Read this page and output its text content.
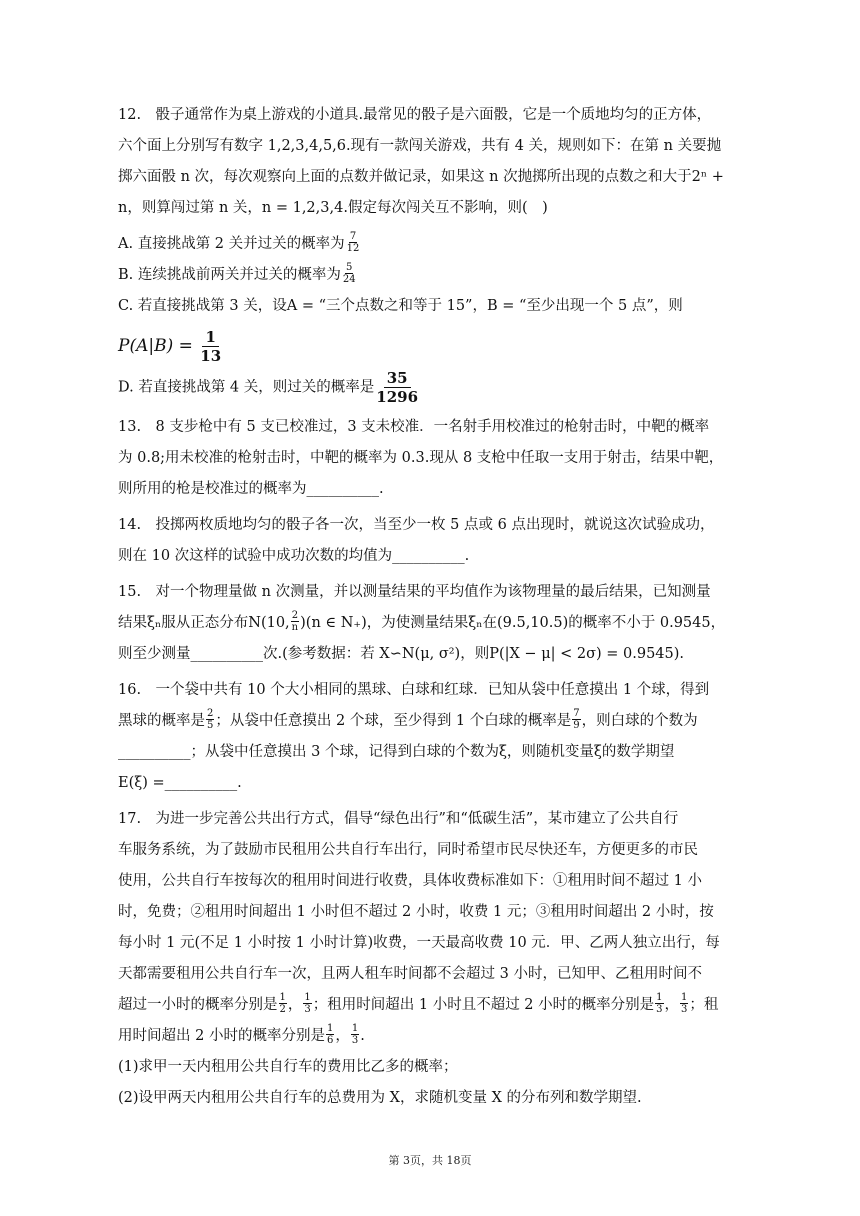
12.　骰子通常作为桌上游戏的小道具.最常见的骰子是六面骰，它是一个质地均匀的正方体，
六个面上分别写有数字 1,2,3,4,5,6.现有一款闯关游戏，共有 4 关，规则如下：在第 n 关要抛
掷六面骰 n 次，每次观察向上面的点数并做记录，如果这 n 次抛掷所出现的点数之和大于2ⁿ +
n，则算闯过第 n 关，n = 1,2,3,4.假定每次闯关互不影响，则(　)
A. 直接挑战第 2 关并过关的概率为 $\frac{7}{12}$
B. 连续挑战前两关并过关的概率为 $\frac{5}{24}$
C. 若直接挑战第 3 关，设A = “三个点数之和等于 15”，B = “至少出现一个 5 点”，则
$P(A|B) = \frac{1}{13}$
D. 若直接挑战第 4 关，则过关的概率是 $\frac{35}{1296}$
13.　8 支步枪中有 5 支已校准过，3 支未校准．一名射手用校准过的枪射击时，中靶的概率
为 0.8;用未校准的枪射击时，中靶的概率为 0.3.现从 8 支枪中任取一支用于射击，结果中靶，
则所用的枪是校准过的概率为__________.
14.　投掷两枚质地均匀的骰子各一次，当至少一枚 5 点或 6 点出现时，就说这次试验成功，
则在 10 次这样的试验中成功次数的均值为__________.
15.　对一个物理量做 n 次测量，并以测量结果的平均值作为该物理量的最后结果，已知测量
结果ξₙ服从正态分布N(10, $\frac{2}{n} )(n$ ∈ N₊)，为使测量结果ξₙ在(9.5,10.5)的概率不小于 0.9545，
则至少测量__________次.(参考数据：若 X∽N(μ, σ²)，则P(|X − μ| < 2σ) = 0.9545).
16.　一个袋中共有 10 个大小相同的黑球、白球和红球．已知从袋中任意摸出 1 个球，得到
黑球的概率是 $\frac{2}{5}$ ；从袋中任意摸出 2 个球，至少得到 1 个白球的概率是 $\frac{7}{9}$ ，则白球的个数为
__________；从袋中任意摸出 3 个球，记得到白球的个数为ξ，则随机变量ξ的数学期望
E(ξ) =__________.
17.　为进一步完善公共出行方式，倡导“绿色出行”和“低碳生活”，某市建立了公共自行
车服务系统，为了鼓励市民租用公共自行车出行，同时希望市民尽快还车，方便更多的市民
使用，公共自行车按每次的租用时间进行收费，具体收费标准如下：①租用时间不超过 1 小
时，免费；②租用时间超出 1 小时但不超过 2 小时，收费 1 元；③租用时间超出 2 小时，按
每小时 1 元(不足 1 小时按 1 小时计算)收费，一天最高收费 10 元．甲、乙两人独立出行，每
天都需要租用公共自行车一次，且两人租车时间都不会超过 3 小时，已知甲、乙租用时间不
超过一小时的概率分别是 $\frac{1}{2}$ ， $\frac{1}{3}$ ；租用时间超出 1 小时且不超过 2 小时的概率分别是 $\frac{1}{3}$ ， $\frac{1}{3}$ ；租
用时间超出 2 小时的概率分别是 $\frac{1}{6}$ ， $\frac{1}{3}$ .
(1)求甲一天内租用公共自行车的费用比乙多的概率；
(2)设甲两天内租用公共自行车的总费用为 X，求随机变量 X 的分布列和数学期望.
第 3页，共 18页
